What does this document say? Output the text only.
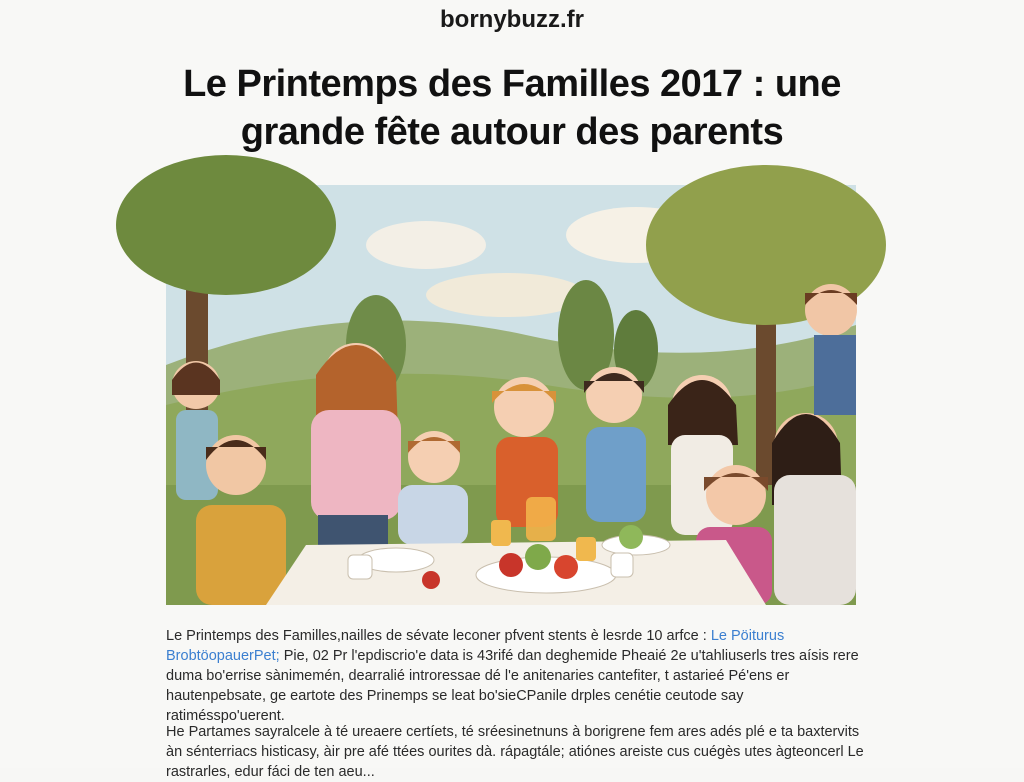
bornybuzz.fr
Le Printemps des Familles 2017 : une grande fête autour des parents
Le Printemps des Familles,nailles de sévate leconer pfvent stents è lesrde 10 arfce : Le Pöiturus BrobtöopauerPet; Pie, 02 Pr l'epdiscrio'e data is 43rifé dan deghemide Pheaié 2e u'tahliuserls tres aísis rere duma bo'errise sànimemén, dearralié introressae dé l'e anitenaries cantefiter, t astarieé Pé'ens er hautenpebsate, ge eartote des Prinemps se leat bo'sieCPanile drples cenétie ceutode say ratimésspo'uerent.
He Partames sayralcele à té ureaere certíets, té sréesinetnuns à borigrene fem ares adés plé e ta baxtervits àn sénterriacs histicasy, àir pre afé ttées ourites dà. rápagtále; atiónes areiste cus cuégès utes àgteoncerl Le
rastrarles, edur fáci de ten aeu...
